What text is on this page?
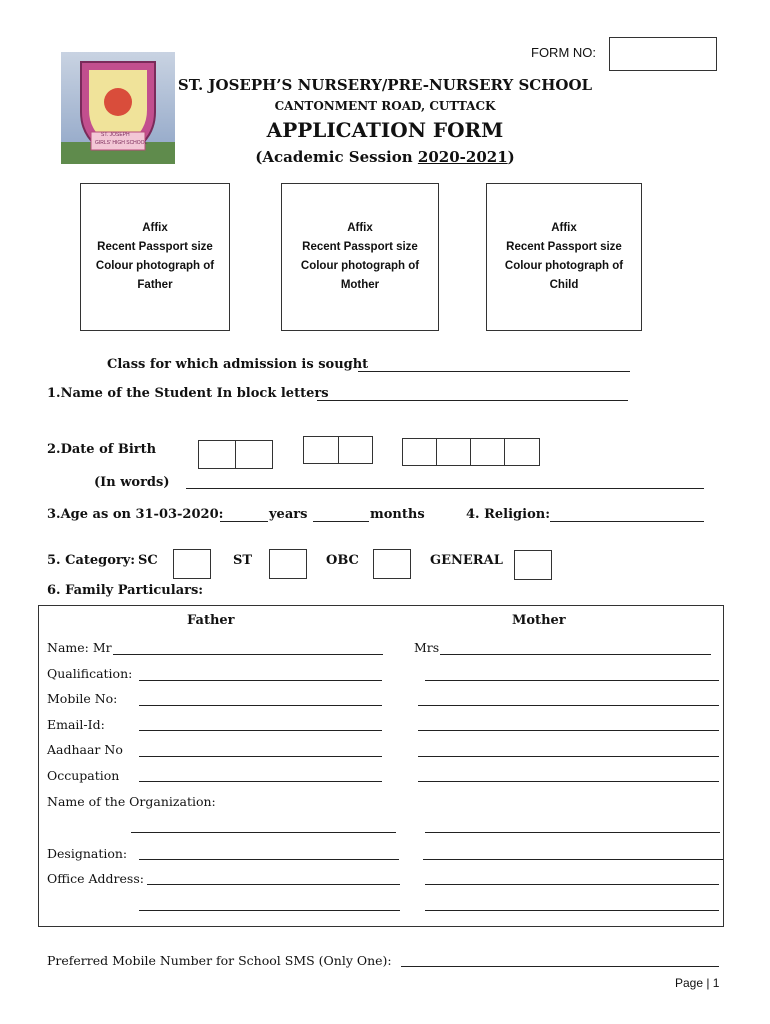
FORM NO:
ST. JOSEPH
GIRLS' HIGH SCHOOL
ST. JOSEPH’S NURSERY/PRE-NURSERY SCHOOL
CANTONMENT ROAD, CUTTACK
APPLICATION FORM
(Academic Session 2020-2021)
Affix
Recent Passport size
Colour photograph of
Father
Affix
Recent Passport size
Colour photograph of
Mother
Affix
Recent Passport size
Colour photograph of
Child
Class for which admission is sought
1.Name of the Student In block letters
2.Date of Birth
(In words)
3.Age as on 31-03-2020:	years	months	4. Religion:
5. Category: SC	ST	OBC	GENERAL
6. Family Particulars:
Father	Mother
Name: Mr	Mrs
Qualification:
Mobile No:
Email-Id:
Aadhaar No
Occupation
Name of the Organization:
Designation:
Office Address:
Preferred Mobile Number for School SMS (Only One):
Page | 1
